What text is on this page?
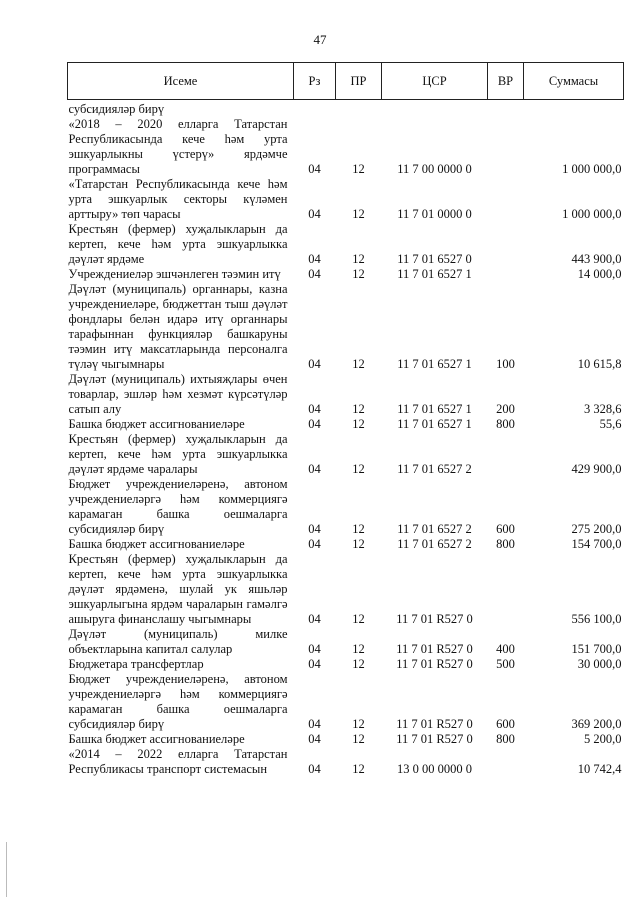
47
Исеме	Рз	ПР	ЦСР	ВР	Суммасы
субсидияләр бирү					
«2018 – 2020 елларга Татарстан Республикасында кече һәм урта эшкуарлыкны үстерү» ярдәмче программасы	04	12	11 7 00 0000 0		1 000 000,0
«Татарстан Республикасында кече һәм урта эшкуарлык секторы күләмен арттыру» төп чарасы	04	12	11 7 01 0000 0		1 000 000,0
Крестьян (фермер) хуҗалыкларын да кертеп, кече һәм урта эшкуарлыкка дәүләт ярдәме	04	12	11 7 01 6527 0		443 900,0
Учреждениеләр эшчәнлеген тәэмин итү	04	12	11 7 01 6527 1		14 000,0
Дәүләт (муниципаль) органнары, казна учреждениеләре, бюджеттан тыш дәүләт фондлары белән идарә итү органнары тарафыннан функцияләр башкаруны тәэмин итү максатларында персоналга түләү чыгымнары	04	12	11 7 01 6527 1	100	10 615,8
Дәүләт (муниципаль) ихтыяҗлары өчен товарлар, эшләр һәм хезмәт күрсәтүләр сатып алу	04	12	11 7 01 6527 1	200	3 328,6
Башка бюджет ассигнованиеләре	04	12	11 7 01 6527 1	800	55,6
Крестьян (фермер) хуҗалыкларын да кертеп, кече һәм урта эшкуарлыкка дәүләт ярдәме чаралары	04	12	11 7 01 6527 2		429 900,0
Бюджет учреждениеләренә, автоном учреждениеләргә һәм коммерциягә карамаган башка оешмаларга субсидияләр бирү	04	12	11 7 01 6527 2	600	275 200,0
Башка бюджет ассигнованиеләре	04	12	11 7 01 6527 2	800	154 700,0
Крестьян (фермер) хуҗалыкларын да кертеп, кече һәм урта эшкуарлыкка дәүләт ярдәменә, шулай ук яшьләр эшкуарлыгына ярдәм чараларын гамәлгә ашыруга финанслашу чыгымнары	04	12	11 7 01 R527 0		556 100,0
Дәүләт (муниципаль) милке объектларына капитал салулар	04	12	11 7 01 R527 0	400	151 700,0
Бюджетара трансфертлар	04	12	11 7 01 R527 0	500	30 000,0
Бюджет учреждениеләренә, автоном учреждениеләргә һәм коммерциягә карамаган башка оешмаларга субсидияләр бирү	04	12	11 7 01 R527 0	600	369 200,0
Башка бюджет ассигнованиеләре	04	12	11 7 01 R527 0	800	5 200,0
«2014 – 2022 елларга Татарстан Республикасы транспорт системасын	04	12	13 0 00 0000 0		10 742,4
